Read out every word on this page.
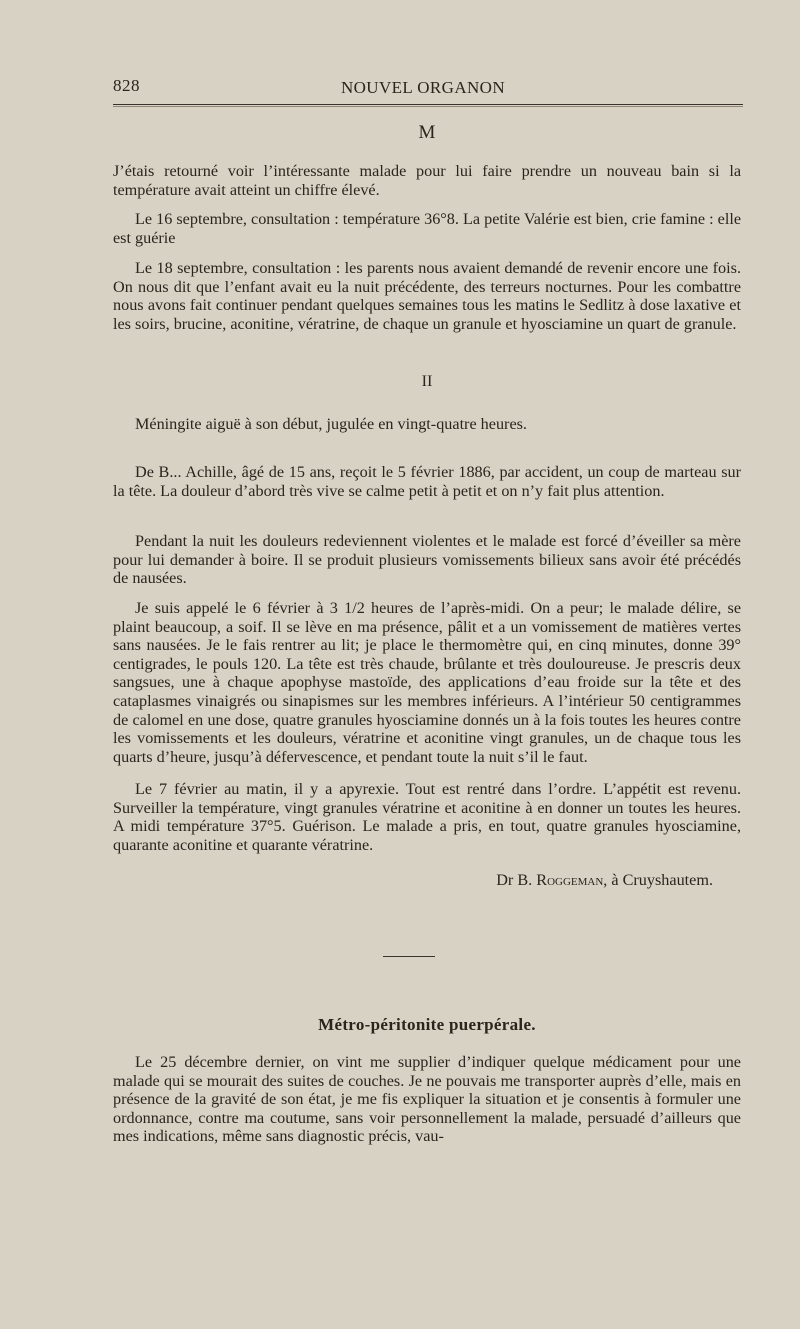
828	NOUVEL ORGANON

M

J’étais retourné voir l’intéressante malade pour lui faire prendre un nouveau bain si la température avait atteint un chiffre élevé.

Le 16 septembre, consultation : température 36°8. La petite Valérie est bien, crie famine : elle est guérie

Le 18 septembre, consultation : les parents nous avaient demandé de revenir encore une fois. On nous dit que l’enfant avait eu la nuit précédente, des terreurs nocturnes. Pour les combattre nous avons fait continuer pendant quelques semaines tous les matins le Sedlitz à dose laxative et les soirs, brucine, aconitine, vératrine, de chaque un granule et hyosciamine un quart de granule.

II

Méningite aiguë à son début, jugulée en vingt-quatre heures.

De B... Achille, âgé de 15 ans, reçoit le 5 février 1886, par accident, un coup de marteau sur la tête. La douleur d’abord très vive se calme petit à petit et on n’y fait plus attention.

Pendant la nuit les douleurs redeviennent violentes et le malade est forcé d’éveiller sa mère pour lui demander à boire. Il se produit plusieurs vomissements bilieux sans avoir été précédés de nausées.

Je suis appelé le 6 février à 3 1/2 heures de l’après-midi. On a peur; le malade délire, se plaint beaucoup, a soif. Il se lève en ma présence, pâlit et a un vomissement de matières vertes sans nausées. Je le fais rentrer au lit; je place le thermomètre qui, en cinq minutes, donne 39° centigrades, le pouls 120. La tête est très chaude, brûlante et très douloureuse. Je prescris deux sangsues, une à chaque apophyse mastoïde, des applications d’eau froide sur la tête et des cataplasmes vinaigrés ou sinapismes sur les membres inférieurs. A l’intérieur 50 centigrammes de calomel en une dose, quatre granules hyosciamine donnés un à la fois toutes les heures contre les vomissements et les douleurs, vératrine et aconitine vingt granules, un de chaque tous les quarts d’heure, jusqu’à défervescence, et pendant toute la nuit s’il le faut.

Le 7 février au matin, il y a apyrexie. Tout est rentré dans l’ordre. L’appétit est revenu. Surveiller la température, vingt granules vératrine et aconitine à en donner un toutes les heures. A midi température 37°5. Guérison. Le malade a pris, en tout, quatre granules hyosciamine, quarante aconitine et quarante vératrine.

Dr B. Roggeman, à Cruyshautem.

Métro-péritonite puerpérale.

Le 25 décembre dernier, on vint me supplier d’indiquer quelque médicament pour une malade qui se mourait des suites de couches. Je ne pouvais me transporter auprès d’elle, mais en présence de la gravité de son état, je me fis expliquer la situation et je consentis à formuler une ordonnance, contre ma coutume, sans voir personnellement la malade, persuadé d’ailleurs que mes indications, même sans diagnostic précis, vau-
